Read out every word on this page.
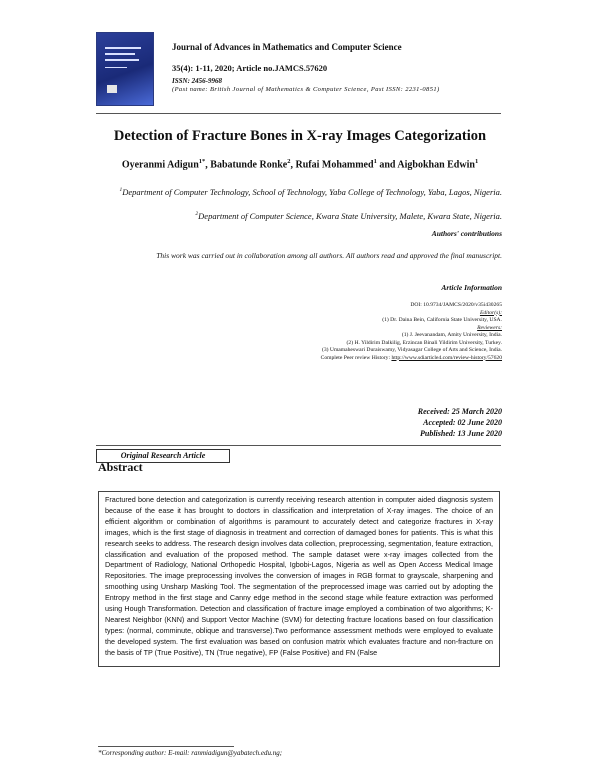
Journal of Advances in Mathematics and Computer Science
35(4): 1-11, 2020; Article no.JAMCS.57620
ISSN: 2456-9968
(Past name: British Journal of Mathematics & Computer Science, Past ISSN: 2231-0851)
Detection of Fracture Bones in X-ray Images Categorization
Oyeranmi Adigun$^{1*}$, Babatunde Ronke$^2$, Rufai Mohammed$^1$ and Aigbokhan Edwin$^1$
$^1$Department of Computer Technology, School of Technology, Yaba College of Technology, Yaba, Lagos, Nigeria.
$^2$Department of Computer Science, Kwara State University, Malete, Kwara State, Nigeria.
Authors' contributions
This work was carried out in collaboration among all authors. All authors read and approved the final manuscript.
Article Information
DOI: 10.9734/JAMCS/2020/v35i430265
Editor(s):
(1) Dr. Daina Bein, California State University, USA.
Reviewers:
(1) J. Jeevanandam, Amity University, India.
(2) H. Yildirim Dalkilig, Erzincan Binali Yildirim University, Turkey.
(3) Umamaheswari Duraiswamy, Vidyasagar College of Arts and Science, India.
Complete Peer review History: http://www.sdiarticle4.com/review-history/57620
Received: 25 March 2020
Accepted: 02 June 2020
Published: 13 June 2020
Original Research Article
Abstract

Fractured bone detection and categorization is currently receiving research attention in computer aided diagnosis system because of the ease it has brought to doctors in classification and interpretation of X-ray images. The choice of an efficient algorithm or combination of algorithms is paramount to accurately detect and categorize fractures in X-ray images, which is the first stage of diagnosis in treatment and correction of damaged bones for patients. This is what this research seeks to address. The research design involves data collection, preprocessing, segmentation, feature extraction, classification and evaluation of the proposed method. The sample dataset were x-ray images collected from the Department of Radiology, National Orthopedic Hospital, Igbobi-Lagos, Nigeria as well as Open Access Medical Image Repositories. The image preprocessing involves the conversion of images in RGB format to grayscale, sharpening and smoothing using Unsharp Masking Tool. The segmentation of the preprocessed image was carried out by adopting the Entropy method in the first stage and Canny edge method in the second stage while feature extraction was performed using Hough Transformation. Detection and classification of fracture image employed a combination of two algorithms; K-Nearest Neighbor (KNN) and Support Vector Machine (SVM) for detecting fracture locations based on four classification types: (normal, comminute, oblique and transverse).Two performance assessment methods were employed to evaluate the developed system. The first evaluation was based on confusion matrix which evaluates fracture and non-fracture on the basis of TP (True Positive), TN (True negative), FP (False Positive) and FN (False

*Corresponding author: E-mail: ranmiadigun@yabatech.edu.ng;
